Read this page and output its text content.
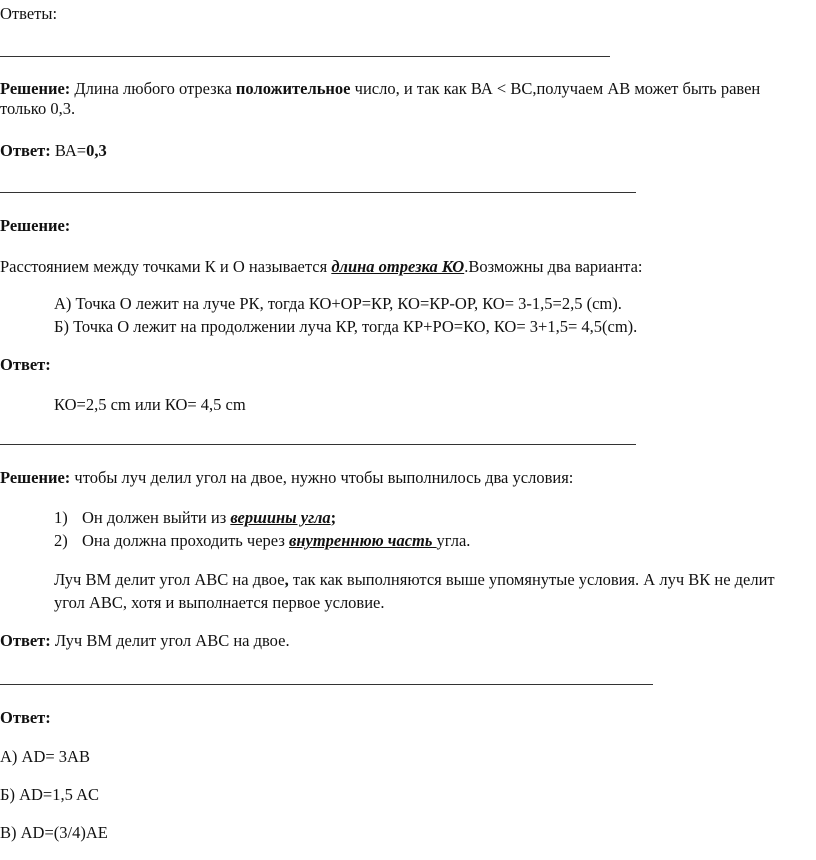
Ответы:
Решение: Длина любого отрезка положительное число, и так как ВА < ВС,получаем АВ может быть равен
только 0,3.
Ответ: ВА=0,3
Решение:
Расстоянием между точками К и О называется длина отрезка КО.Возможны два варианта:
А) Точка О лежит на луче РК, тогда КО+ОР=КР, КО=КР-ОР, КО= 3-1,5=2,5 (cm).
Б) Точка О лежит на продолжении луча КР, тогда КР+РО=КО, КО= 3+1,5= 4,5(cm).
Ответ:
КО=2,5 cm или КО= 4,5 cm
Решение: чтобы луч делил угол на двое, нужно чтобы выполнилось два условия:
1) Он должен выйти из вершины угла;
2) Она должна проходить через внутреннюю часть угла.
Луч ВМ делит угол АВС на двое, так как выполняются выше упомянутые условия. А луч ВК не делит
угол АВС, хотя и выполнается первое условие.
Ответ: Луч ВМ делит угол АВС на двое.
Ответ:
А) AD= 3AB
Б) AD=1,5 AC
В) AD=(3/4)AE
